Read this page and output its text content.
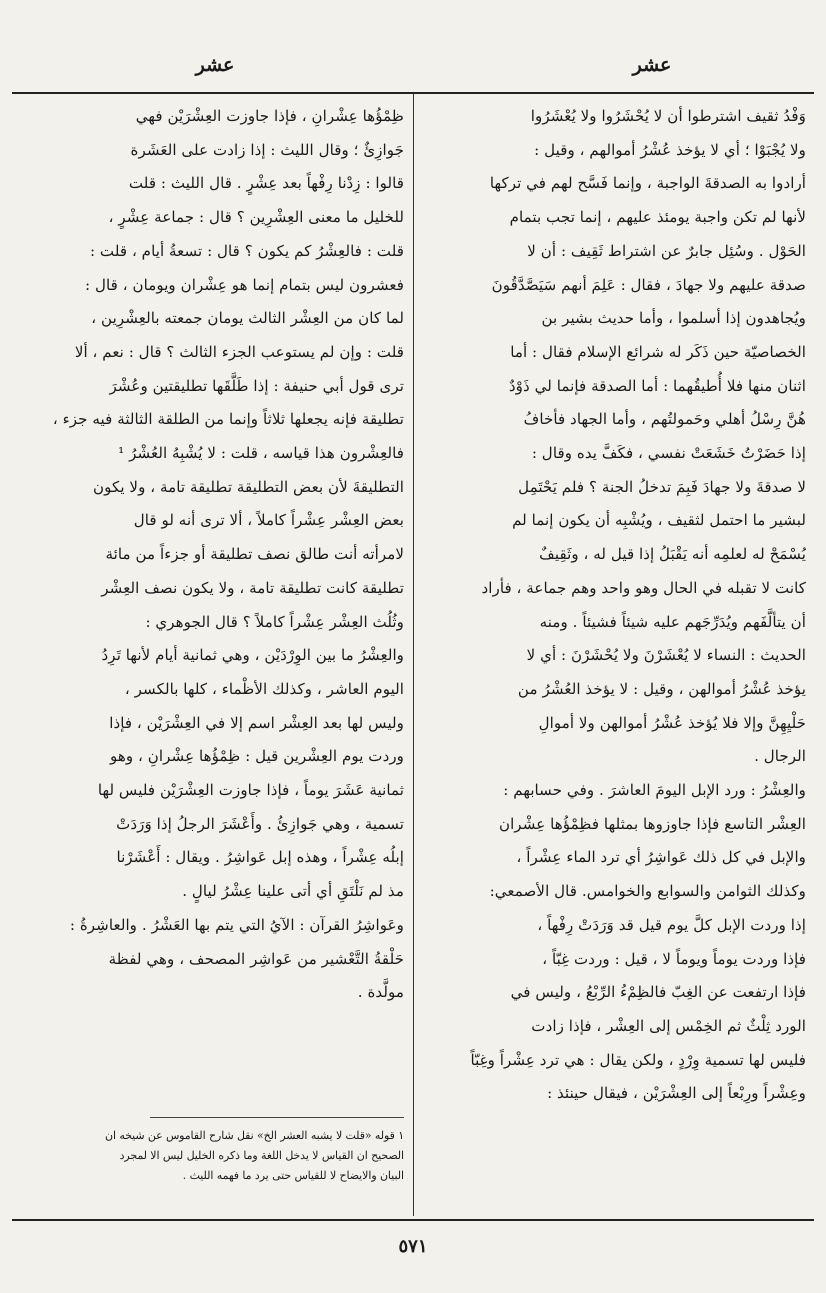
عشر
عشر

وَفْدُ ثقيف اشترطوا أن لا يُحْشَرُوا ولا يُعْشَرُوا

ولا يُجْبَوْا ؛ أي لا يؤخذ عُشْرُ أموالهم ، وقيل :

أرادوا به الصدقةَ الواجبة ، وإنما فَسَّح لهم في تركها

لأنها لم تكن واجبة يومئذ عليهم ، إنما تجب بتمام

الحَوْل . وسُئِل جابرٌ عن اشتراط ثَقِيف : أن لا

صدقة عليهم ولا جهادَ ، فقال : عَلِمَ أنهم سَيَصَّدَّقُونَ

ويُجاهدون إذا أسلموا ، وأما حديث بشير بن

الخصاصيّة حين ذَكَر له شرائع الإسلام فقال : أما

اثنان منها فلا أُطيقُهما : أما الصدقة فإنما لي ذَوْدٌ

هُنَّ رِسْلُ أهلي وحَمولتُهم ، وأما الجهاد فأخافُ

إذا حَضَرْتُ خَشَعَتْ نفسي ، فكَفَّ يده وقال :

لا صدقةَ ولا جهادَ فَبِمَ تدخلُ الجنة ؟ فلم يَحْتَمِل

لبشير ما احتمل لثقيف ، ويُشْبِه أن يكون إنما لم

يُسْمَحْ له لعلمِه أنه يَقْبَلُ إذا قيل له ، وثَقِيفٌ

كانت لا تقبله في الحال وهو واحد وهم جماعة ، فأراد

أن يتألَّفَهم ويُدَرِّجَهم عليه شيئاً فشيئاً . ومنه

الحديث : النساء لا يُعْشَرْنَ ولا يُحْشَرْنَ : أي لا

يؤخذ عُشْرُ أموالهن ، وقيل : لا يؤخذ العُشْرُ من

حَلْيِهِنَّ وإلا فلا يُؤخذ عُشْرُ أموالهن ولا أموالِ

الرجال .

والعِشْرُ : ورد الإبل اليومَ العاشرَ . وفي حسابهم :

العِشْر التاسع فإذا جاوزوها بمثلها فظِمْؤُها عِشْران

والإبل في كل ذلك عَواشِرُ أي ترد الماء عِشْراً ،

وكذلك الثوامن والسوابع والخوامس. قال الأصمعي:

إذا وردت الإبل كلَّ يوم قيل قد وَرَدَتْ رِفْهاً ،

فإذا وردت يوماً ويوماً لا ، قيل : وردت غِبّاً ،

فإذا ارتفعت عن الغِبّ فالظِمْءُ الرِّبْعُ ، وليس في

الورد ثِلْثٌ ثم الخِمْس إلى العِشْر ، فإذا زادت

فليس لها تسمية وِرْدٍ ، ولكن يقال : هي ترد عِشْراً وغِبّاً

وعِشْراً ورِبْعاً إلى العِشْرَيْن ، فيقال حينئذ :

ظِمْؤُها عِشْرانِ ، فإذا جاوزت العِشْرَيْن فهي

جَوازِئٌ ؛ وقال الليث : إذا زادت على العَشَرة

قالوا : زِدْنا رِفْهاً بعد عِشْرٍ . قال الليث : قلت

للخليل ما معنى العِشْرِين ؟ قال : جماعة عِشْرٍ ،

قلت : فالعِشْرُ كم يكون ؟ قال : تسعةُ أيام ، قلت :

فعشرون ليس بتمام إنما هو عِشْران ويومان ، قال :

لما كان من العِشْر الثالث يومان جمعته بالعِشْرِين ،

قلت : وإن لم يستوعب الجزء الثالث ؟ قال : نعم ، ألا

ترى قول أبي حنيفة : إذا طَلَّقَها تطليقتين وعُشْرَ

تطليقة فإنه يجعلها ثلاثاً وإنما من الطلقة الثالثة فيه جزء ،

فالعِشْرون هذا قياسه ، قلت : لا يُشْبِهُ العُشْرُ ¹

التطليقةَ لأن بعض التطليقة تطليقة تامة ، ولا يكون

بعض العِشْر عِشْراً كاملاً ، ألا ترى أنه لو قال

لامرأته أنت طالق نصف تطليقة أو جزءاً من مائة

تطليقة كانت تطليقة تامة ، ولا يكون نصف العِشْر

وثُلُث العِشْر عِشْراً كاملاً ؟ قال الجوهري :

والعِشْرُ ما بين الوِرْدَيْن ، وهي ثمانية أيام لأنها تَرِدُ

اليوم العاشر ، وكذلك الأظْماء ، كلها بالكسر ،

وليس لها بعد العِشْر اسم إلا في العِشْرَيْن ، فإذا

وردت يوم العِشْرين قيل : ظِمْؤُها عِشْرانِ ، وهو

ثمانية عَشَرَ يوماً ، فإذا جاوزت العِشْرَيْن فليس لها

تسمية ، وهي جَوازِئُ . وأَعْشَرَ الرجلُ إذا وَرَدَتْ

إبلُه عِشْراً ، وهذه إبل عَواشِرُ . ويقال : أَعْشَرْنا

مذ لم نَلْتَقِ أي أتى علينا عِشْرُ ليالٍ .

وعَواشِرُ القرآن : الآيُ التي يتم بها العَشْرُ . والعاشِرةُ :

حَلْقةُ التَّعْشير من عَواشِر المصحف ، وهي لفظة

مولَّدة .

١ قوله «قلت لا يشبه العشر الخ» نقل شارح القاموس عن شيخه ان

الصحيح ان القياس لا يدخل اللغة وما ذكره الخليل ليس الا لمجرد

البيان والايضاح لا للقياس حتى يرد ما فهمه الليث .

٥٧١
